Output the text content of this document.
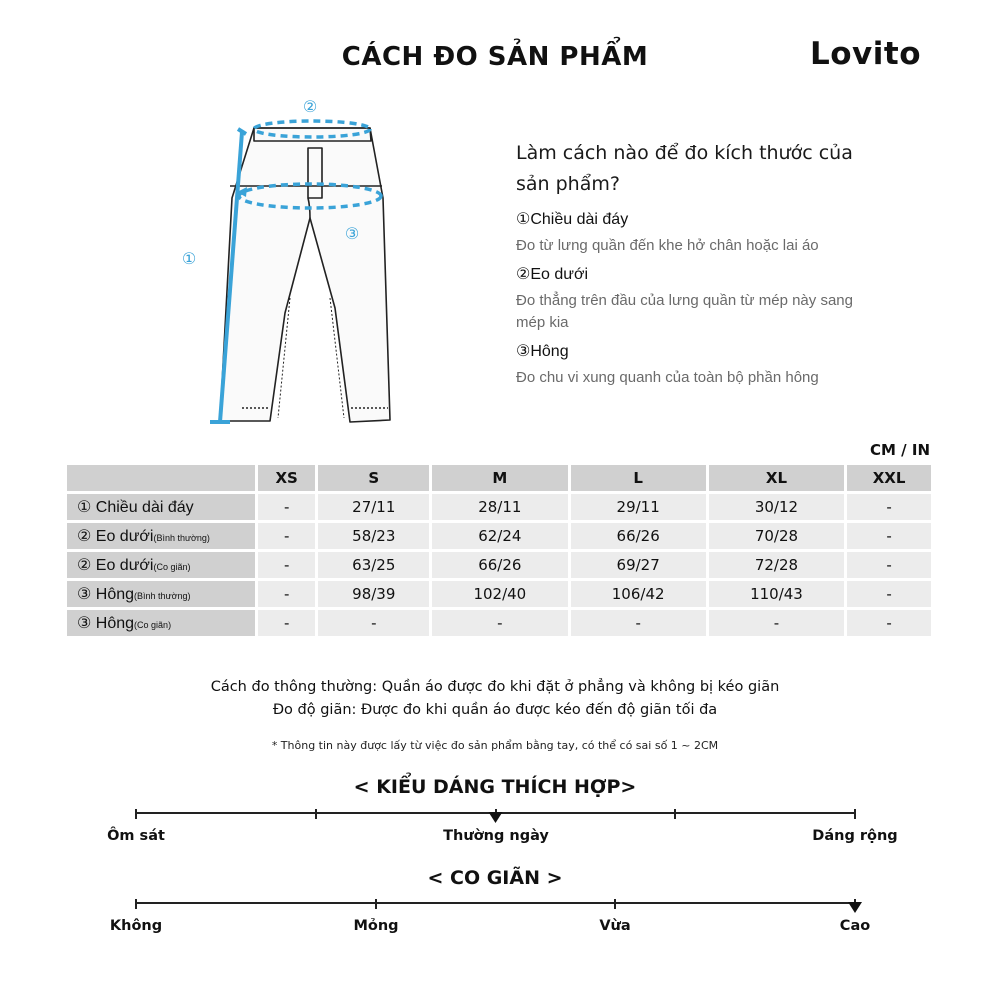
CÁCH ĐO SẢN PHẨM	Lovito
②
③
①
Làm cách nào để đo kích thước của
sản phẩm?
①Chiều dài đáy
Đo từ lưng quần đến khe hở chân hoặc lai áo
②Eo dưới
Đo thẳng trên đầu của lưng quần từ mép này sang mép kia
③Hông
Đo chu vi xung quanh của toàn bộ phần hông
CM / IN
	XS	S	M	L	XL	XXL
① Chiều dài đáy	-	27/11	28/11	29/11	30/12	-
② Eo dưới(Bình thường)	-	58/23	62/24	66/26	70/28	-
② Eo dưới(Co giãn)	-	63/25	66/26	69/27	72/28	-
③ Hông(Bình thường)	-	98/39	102/40	106/42	110/43	-
③ Hông(Co giãn)	-	-	-	-	-	-
Cách đo thông thường: Quần áo được đo khi đặt ở phẳng và không bị kéo giãn
Đo độ giãn: Được đo khi quần áo được kéo đến độ giãn tối đa
* Thông tin này được lấy từ việc đo sản phẩm bằng tay, có thể có sai số 1 ~ 2CM
< KIỂU DÁNG THÍCH HỢP>
Ôm sát	Thường ngày	Dáng rộng
< CO GIÃN >
Không	Mỏng	Vừa	Cao
